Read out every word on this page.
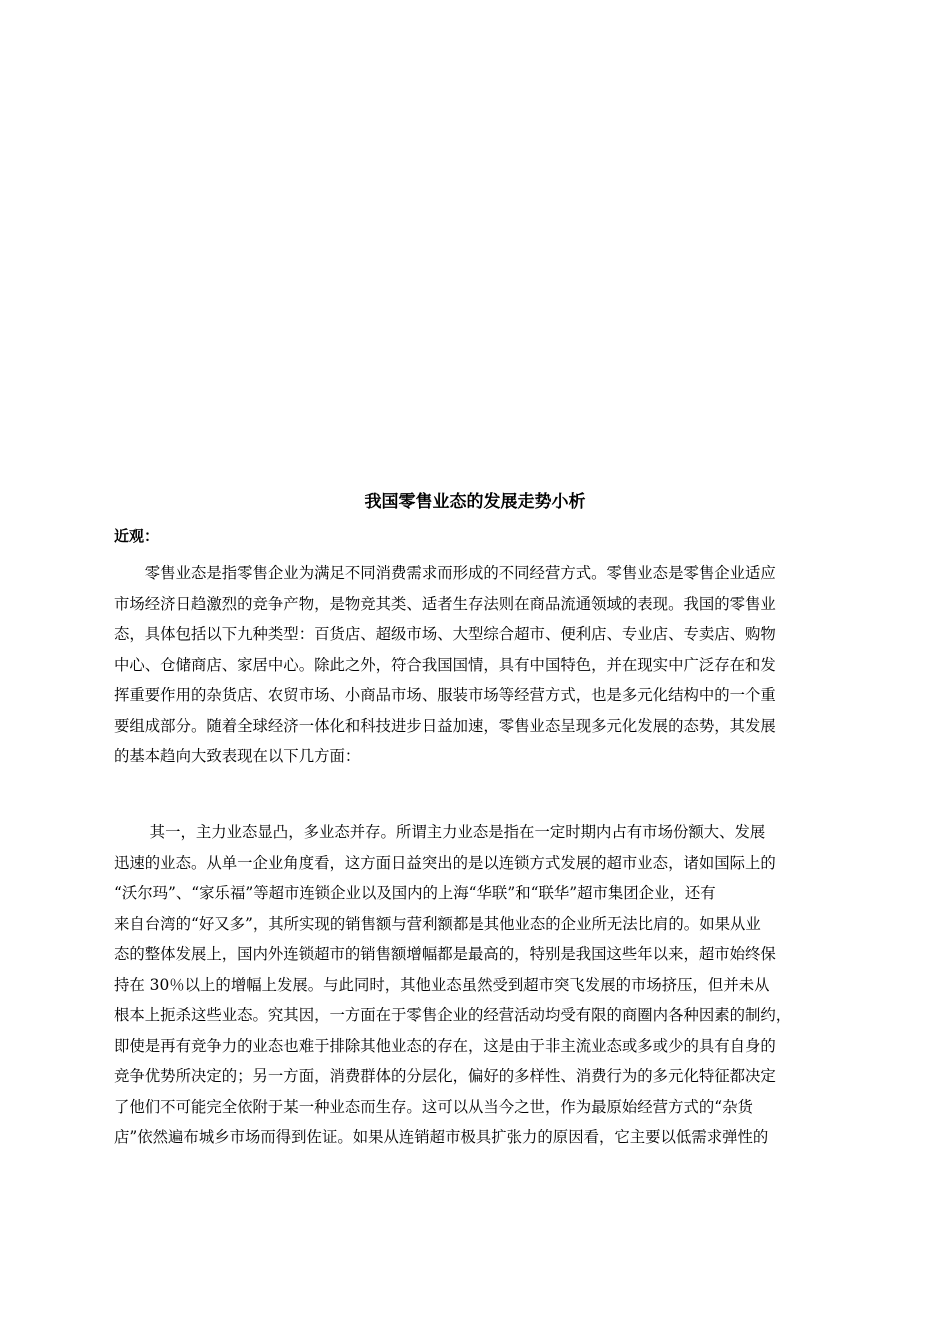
我国零售业态的发展走势小析

近观：

　　零售业态是指零售企业为满足不同消费需求而形成的不同经营方式。零售业态是零售企业适应
市场经济日趋激烈的竞争产物，是物竞其类、适者生存法则在商品流通领域的表现。我国的零售业
态，具体包括以下九种类型：百货店、超级市场、大型综合超市、便利店、专业店、专卖店、购物
中心、仓储商店、家居中心。除此之外，符合我国国情，具有中国特色，并在现实中广泛存在和发
挥重要作用的杂货店、农贸市场、小商品市场、服装市场等经营方式，也是多元化结构中的一个重
要组成部分。随着全球经济一体化和科技进步日益加速，零售业态呈现多元化发展的态势，其发展
的基本趋向大致表现在以下几方面：
　　 其一，主力业态显凸，多业态并存。所谓主力业态是指在一定时期内占有市场份额大、发展
迅速的业态。从单一企业角度看，这方面日益突出的是以连锁方式发展的超市业态，诸如国际上的
“沃尔玛”、“家乐福”等超市连锁企业以及国内的上海“华联”和“联华”超市集团企业，还有
来自台湾的“好又多”，其所实现的销售额与营利额都是其他业态的企业所无法比肩的。如果从业
态的整体发展上，国内外连锁超市的销售额增幅都是最高的，特别是我国这些年以来，超市始终保
持在 30％以上的增幅上发展。与此同时，其他业态虽然受到超市突飞发展的市场挤压，但并未从
根本上扼杀这些业态。究其因，一方面在于零售企业的经营活动均受有限的商圈内各种因素的制约，
即使是再有竞争力的业态也难于排除其他业态的存在，这是由于非主流业态或多或少的具有自身的
竞争优势所决定的；另一方面，消费群体的分层化，偏好的多样性、消费行为的多元化特征都决定
了他们不可能完全依附于某一种业态而生存。这可以从当今之世，作为最原始经营方式的“杂货
店”依然遍布城乡市场而得到佐证。如果从连销超市极具扩张力的原因看，它主要以低需求弹性的
